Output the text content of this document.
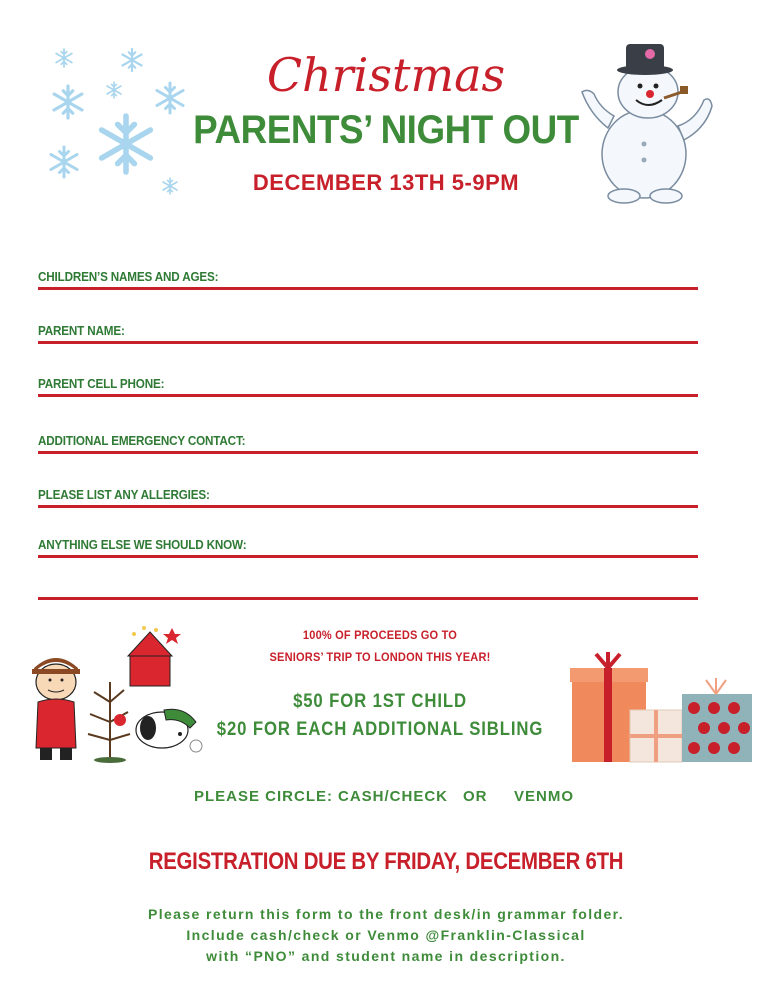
Christmas
PARENTS’ NIGHT OUT
DECEMBER 13TH 5-9PM
CHILDREN’S NAMES AND AGES:
PARENT NAME:
PARENT CELL PHONE:
ADDITIONAL EMERGENCY CONTACT:
PLEASE LIST ANY ALLERGIES:
ANYTHING ELSE WE SHOULD KNOW:
100% OF PROCEEDS GO TO
SENIORS’ TRIP TO LONDON THIS YEAR!
$50 FOR 1ST CHILD
$20 FOR EACH ADDITIONAL SIBLING
PLEASE CIRCLE: CASH/CHECK OR VENMO
REGISTRATION DUE BY FRIDAY, DECEMBER 6TH
Please return this form to the front desk/in grammar folder.
Include cash/check or Venmo @Franklin-Classical
with “PNO” and student name in description.
